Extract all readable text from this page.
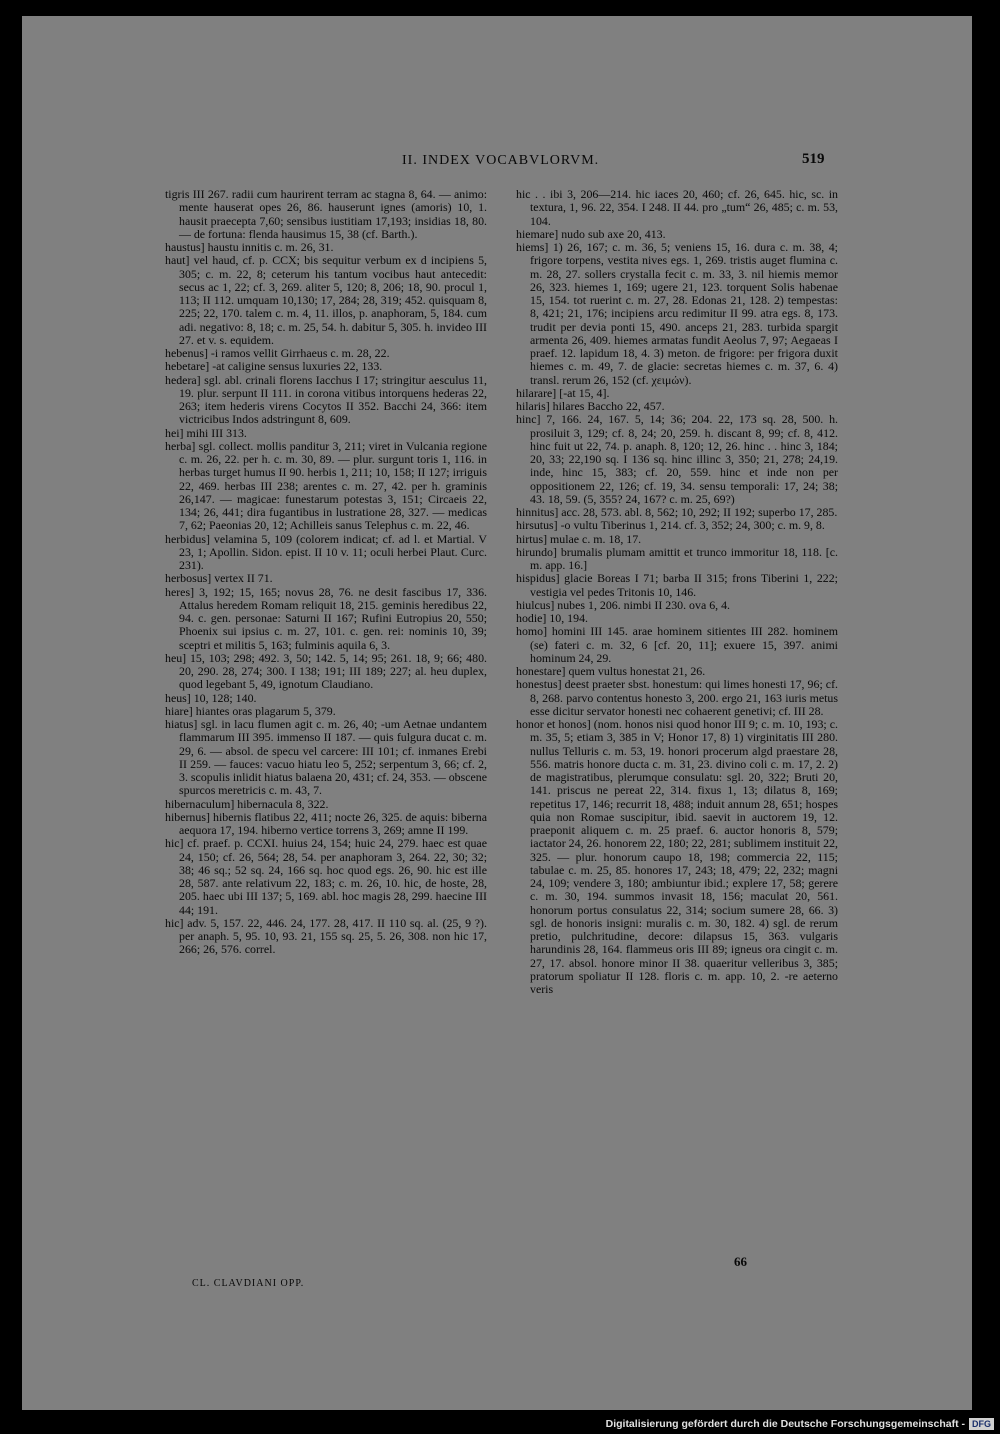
II. INDEX VOCABVLORVM.	519

tigris III 267. radii cum haurirent terram ac stagna 8, 64. — animo: mente hauserat opes 26, 86. hauserunt ignes (amoris) 10, 1. hausit praecepta 7,60; sensibus iustitiam 17,193; insidias 18, 80. — de fortuna: flenda hausimus 15, 38 (cf. Barth.).

haustus] haustu innitis c. m. 26, 31.

haut] vel haud, cf. p. CCX; bis sequitur verbum ex d incipiens 5, 305; c. m. 22, 8; ceterum his tantum vocibus haut antecedit: secus ac 1, 22; cf. 3, 269. aliter 5, 120; 8, 206; 18, 90. procul 1, 113; II 112. umquam 10,130; 17, 284; 28, 319; 452. quisquam 8, 225; 22, 170. talem c. m. 4, 11. illos, p. anaphoram, 5, 184. cum adi. negativo: 8, 18; c. m. 25, 54. h. dabitur 5, 305. h. invideo III 27. et v. s. equidem.

hebenus] -i ramos vellit Girrhaeus c. m. 28, 22.

hebetare] -at caligine sensus luxuries 22, 133.

hedera] sgl. abl. crinali florens Iacchus I 17; stringitur aesculus 11, 19. plur. serpunt II 111. in corona vitibus intorquens hederas 22, 263; item hederis virens Cocytos II 352. Bacchi 24, 366: item victricibus Indos adstringunt 8, 609.

hei] mihi III 313.

herba] sgl. collect. mollis panditur 3, 211; viret in Vulcania regione c. m. 26, 22. per h. c. m. 30, 89. — plur. surgunt toris 1, 116. in herbas turget humus II 90. herbis 1, 211; 10, 158; II 127; irriguis 22, 469. herbas III 238; arentes c. m. 27, 42. per h. graminis 26,147. — magicae: funestarum potestas 3, 151; Circaeis 22, 134; 26, 441; dira fugantibus in lustratione 28, 327. — medicas 7, 62; Paeonias 20, 12; Achilleis sanus Telephus c. m. 22, 46.

herbidus] velamina 5, 109 (colorem indicat; cf. ad l. et Martial. V 23, 1; Apollin. Sidon. epist. II 10 v. 11; oculi herbei Plaut. Curc. 231).

herbosus] vertex II 71.

heres] 3, 192; 15, 165; novus 28, 76. ne desit fascibus 17, 336. Attalus heredem Romam reliquit 18, 215. geminis heredibus 22, 94. c. gen. personae: Saturni II 167; Rufini Eutropius 20, 550; Phoenix sui ipsius c. m. 27, 101. c. gen. rei: nominis 10, 39; sceptri et militis 5, 163; fulminis aquila 6, 3.

heu] 15, 103; 298; 492. 3, 50; 142. 5, 14; 95; 261. 18, 9; 66; 480. 20, 290. 28, 274; 300. I 138; 191; III 189; 227; al. heu duplex, quod legebant 5, 49, ignotum Claudiano.

heus] 10, 128; 140.

hiare] hiantes oras plagarum 5, 379.

hiatus] sgl. in lacu flumen agit c. m. 26, 40; -um Aetnae undantem flammarum III 395. immenso II 187. — quis fulgura ducat c. m. 29, 6. — absol. de specu vel carcere: III 101; cf. inmanes Erebi II 259. — fauces: vacuo hiatu leo 5, 252; serpentum 3, 66; cf. 2, 3. scopulis inlidit hiatus balaena 20, 431; cf. 24, 353. — obscene spurcos meretricis c. m. 43, 7.

hibernaculum] hibernacula 8, 322.

hibernus] hibernis flatibus 22, 411; nocte 26, 325. de aquis: biberna aequora 17, 194. hiberno vertice torrens 3, 269; amne II 199.

hic] cf. praef. p. CCXI. huius 24, 154; huic 24, 279. haec est quae 24, 150; cf. 26, 564; 28, 54. per anaphoram 3, 264. 22, 30; 32; 38; 46 sq.; 52 sq. 24, 166 sq. hoc quod egs. 26, 90. hic est ille 28, 587. ante relativum 22, 183; c. m. 26, 10. hic, de hoste, 28, 205. haec ubi III 137; 5, 169. abl. hoc magis 28, 299. haecine III 44; 191.

hic] adv. 5, 157. 22, 446. 24, 177. 28, 417. II 110 sq. al. (25, 9 ?). per anaph. 5, 95. 10, 93. 21, 155 sq. 25, 5. 26, 308. non hic 17, 266; 26, 576. correl.

hic . . ibi 3, 206—214. hic iaces 20, 460; cf. 26, 645. hic, sc. in textura, 1, 96. 22, 354. I 248. II 44. pro „tum“ 26, 485; c. m. 53, 104.

hiemare] nudo sub axe 20, 413.

hiems] 1) 26, 167; c. m. 36, 5; veniens 15, 16. dura c. m. 38, 4; frigore torpens, vestita nives egs. 1, 269. tristis auget flumina c. m. 28, 27. sollers crystalla fecit c. m. 33, 3. nil hiemis memor 26, 323. hiemes 1, 169; ugere 21, 123. torquent Solis habenae 15, 154. tot ruerint c. m. 27, 28. Edonas 21, 128. 2) tempestas: 8, 421; 21, 176; incipiens arcu redimitur II 99. atra egs. 8, 173. trudit per devia ponti 15, 490. anceps 21, 283. turbida spargit armenta 26, 409. hiemes armatas fundit Aeolus 7, 97; Aegaeas I praef. 12. lapidum 18, 4. 3) meton. de frigore: per frigora duxit hiemes c. m. 49, 7. de glacie: secretas hiemes c. m. 37, 6. 4) transl. rerum 26, 152 (cf. χειμών).

hilarare] [-at 15, 4].

hilaris] hilares Baccho 22, 457.

hinc] 7, 166. 24, 167. 5, 14; 36; 204. 22, 173 sq. 28, 500. h. prosiluit 3, 129; cf. 8, 24; 20, 259. h. discant 8, 99; cf. 8, 412. hinc fuit ut 22, 74. p. anaph. 8, 120; 12, 26. hinc . . hinc 3, 184; 20, 33; 22,190 sq. I 136 sq. hinc illinc 3, 350; 21, 278; 24,19. inde, hinc 15, 383; cf. 20, 559. hinc et inde non per oppositionem 22, 126; cf. 19, 34. sensu temporali: 17, 24; 38; 43. 18, 59. (5, 355? 24, 167? c. m. 25, 69?)

hinnitus] acc. 28, 573. abl. 8, 562; 10, 292; II 192; superbo 17, 285.

hirsutus] -o vultu Tiberinus 1, 214. cf. 3, 352; 24, 300; c. m. 9, 8.

hirtus] mulae c. m. 18, 17.

hirundo] brumalis plumam amittit et trunco immoritur 18, 118. [c. m. app. 16.]

hispidus] glacie Boreas I 71; barba II 315; frons Tiberini 1, 222; vestigia vel pedes Tritonis 10, 146.

hiulcus] nubes 1, 206. nimbi II 230. ova 6, 4.

hodie] 10, 194.

homo] homini III 145. arae hominem sitientes III 282. hominem (se) fateri c. m. 32, 6 [cf. 20, 11]; exuere 15, 397. animi hominum 24, 29.

honestare] quem vultus honestat 21, 26.

honestus] deest praeter sbst. honestum: qui limes honesti 17, 96; cf. 8, 268. parvo contentus honesto 3, 200. ergo 21, 163 iuris metus esse dicitur servator honesti nec cohaerent genetivi; cf. III 28.

honor et honos] (nom. honos nisi quod honor III 9; c. m. 10, 193; c. m. 35, 5; etiam 3, 385 in V; Honor 17, 8) 1) virginitatis III 280. nullus Telluris c. m. 53, 19. honori procerum algd praestare 28, 556. matris honore ducta c. m. 31, 23. divino coli c. m. 17, 2. 2) de magistratibus, plerumque consulatu: sgl. 20, 322; Bruti 20, 141. priscus ne pereat 22, 314. fixus 1, 13; dilatus 8, 169; repetitus 17, 146; recurrit 18, 488; induit annum 28, 651; hospes quia non Romae suscipitur, ibid. saevit in auctorem 19, 12. praeponit aliquem c. m. 25 praef. 6. auctor honoris 8, 579; iactator 24, 26. honorem 22, 180; 22, 281; sublimem instituit 22, 325. — plur. honorum caupo 18, 198; commercia 22, 115; tabulae c. m. 25, 85. honores 17, 243; 18, 479; 22, 232; magni 24, 109; vendere 3, 180; ambiuntur ibid.; explere 17, 58; gerere c. m. 30, 194. summos invasit 18, 156; maculat 20, 561. honorum portus consulatus 22, 314; socium sumere 28, 66. 3) sgl. de honoris insigni: muralis c. m. 30, 182. 4) sgl. de rerum pretio, pulchritudine, decore: dilapsus 15, 363. vulgaris harundinis 28, 164. flammeus oris III 89; igneus ora cingit c. m. 27, 17. absol. honore minor II 38. quaeritur velleribus 3, 385; pratorum spoliatur II 128. floris c. m. app. 10, 2. -re aeterno veris

CL. CLAVDIANI OPP.
66
Digitalisierung gefördert durch die Deutsche Forschungsgemeinschaft - DFG
